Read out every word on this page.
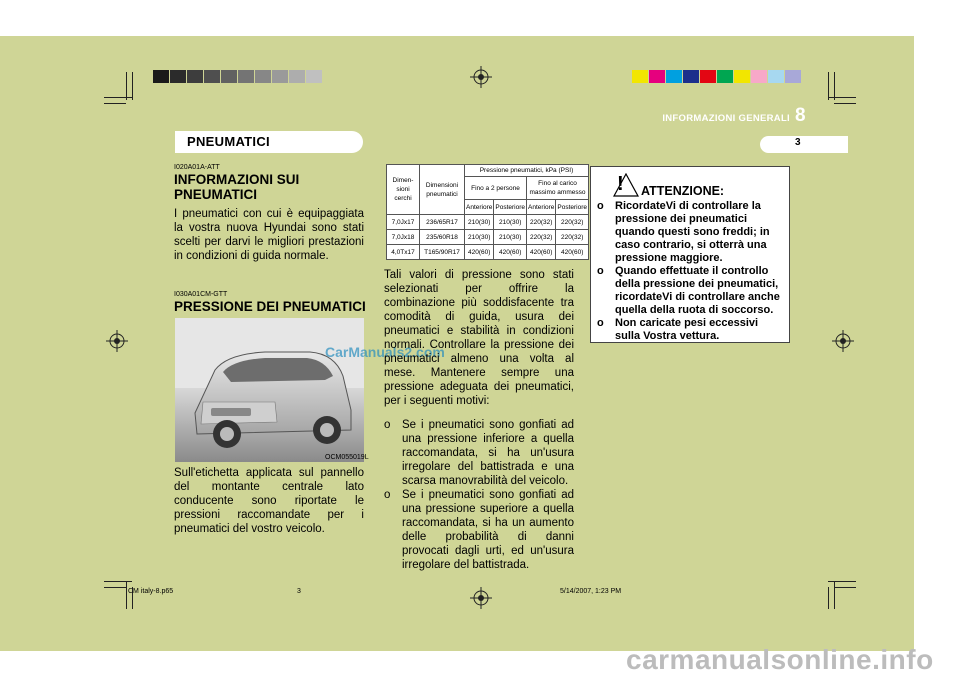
PNEUMATICI
INFORMAZIONI GENERALI 8
3
I020A01A-ATT
INFORMAZIONI SUI PNEUMATICI
I pneumatici con cui è equipaggiata la vostra nuova Hyundai sono stati scelti per darvi le migliori prestazioni in condizioni di guida normale.
I030A01CM-GTT
PRESSIONE DEI PNEUMATICI
OCM055019L
CarManuals2.com
Sull'etichetta applicata sul pannello del montante centrale lato conducente sono riportate le pressioni raccomandate per i pneumatici del vostro veicolo.
Dimen- sioni cerchi	Dimensioni pneumatici	Pressione pneumatici, kPa (PSI)			
		Fino a 2 persone		Fino al carico massimo ammesso	
		Anteriore	Posteriore	Anteriore	Posteriore
7,0Jx17	236/65R17	210(30)	210(30)	220(32)	220(32)
7,0Jx18	235/60R18	210(30)	210(30)	220(32)	220(32)
4,0Tx17	T165/90R17	420(60)	420(60)	420(60)	420(60)
Tali valori di pressione sono stati selezionati per offrire la combinazione più soddisfacente tra comodità di guida, usura dei pneumatici e stabilità in condizioni normali. Controllare la pressione dei pneumatici almeno una volta al mese. Mantenere sempre una pressione adeguata dei pneumatici, per i seguenti motivi:
o Se i pneumatici sono gonfiati ad una pressione inferiore a quella raccomandata, si ha un'usura irregolare del battistrada e una scarsa manovrabilità del veicolo.
o Se i pneumatici sono gonfiati ad una pressione superiore a quella raccomandata, si ha un aumento delle probabilità di danni provocati dagli urti, ed un'usura irregolare del battistrada.
! ATTENZIONE:
o RicordateVi di controllare la pressione dei pneumatici quando questi sono freddi; in caso contrario, si otterrà una pressione maggiore.
o Quando effettuate il controllo della pressione dei pneumatici, ricordateVi di controllare anche quella della ruota di soccorso.
o Non caricate pesi eccessivi sulla Vostra vettura.
CM italy-8.p65	3	5/14/2007, 1:23 PM
carmanualsonline.info
